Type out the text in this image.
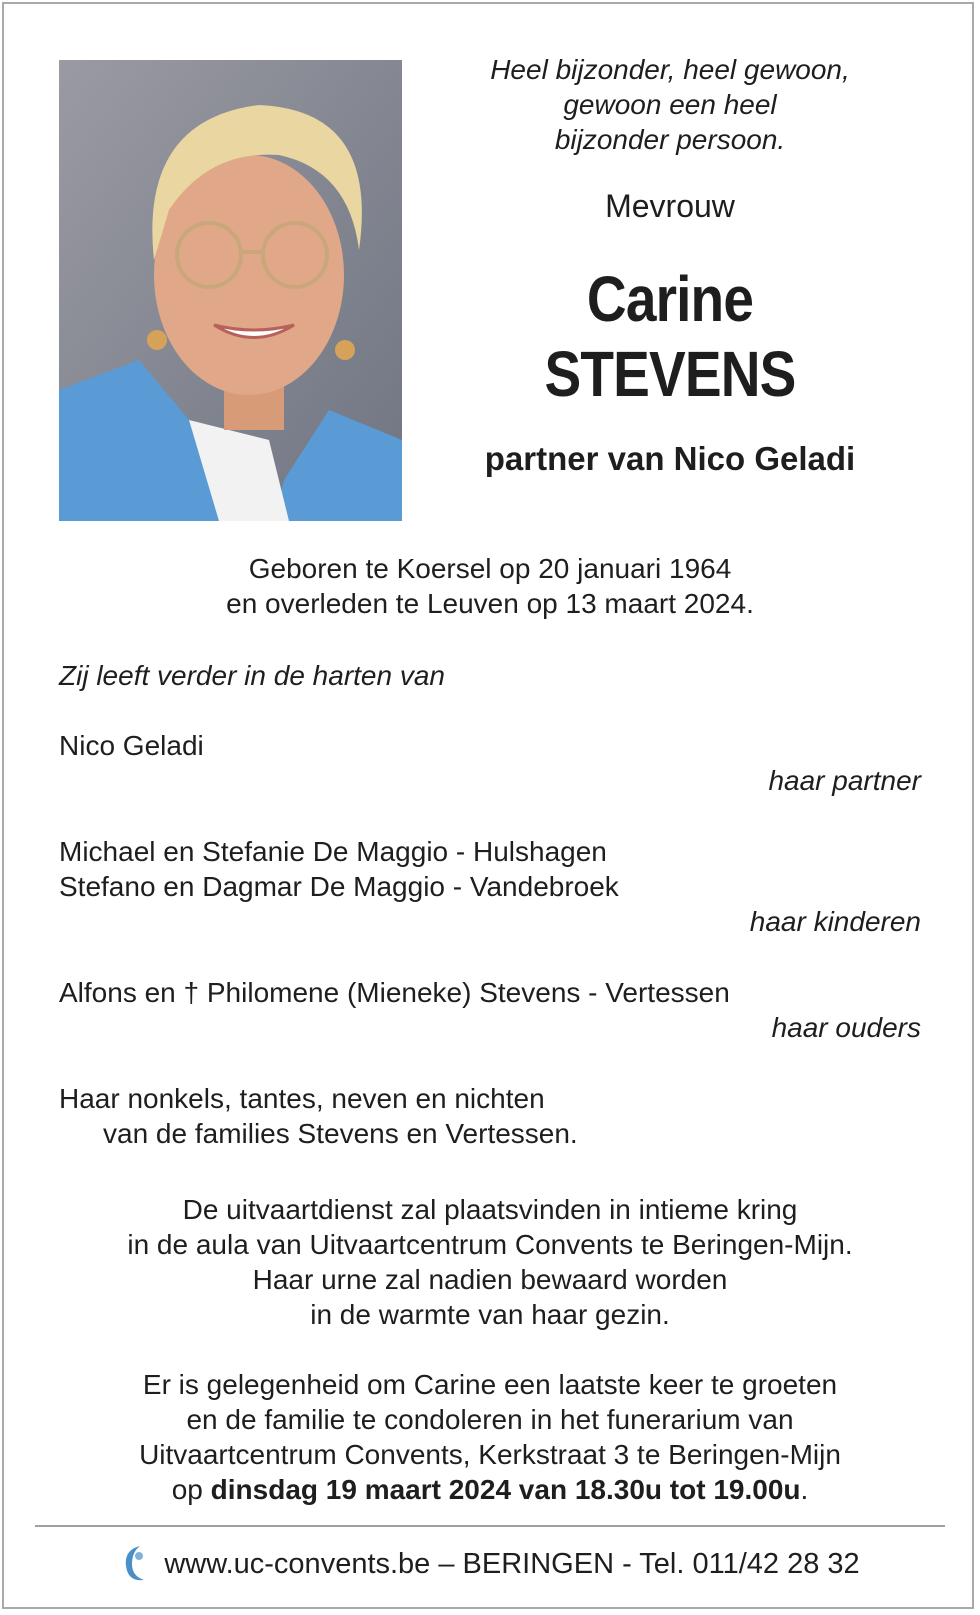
Heel bijzonder, heel gewoon,
gewoon een heel
bijzonder persoon.
Mevrouw
Carine
STEVENS
partner van Nico Geladi
Geboren te Koersel op 20 januari 1964
en overleden te Leuven op 13 maart 2024.
Zij leeft verder in de harten van
Nico Geladi
haar partner
Michael en Stefanie De Maggio - Hulshagen
Stefano en Dagmar De Maggio - Vandebroek
haar kinderen
Alfons en † Philomene (Mieneke) Stevens - Vertessen
haar ouders
Haar nonkels, tantes, neven en nichten
van de families Stevens en Vertessen.
De uitvaartdienst zal plaatsvinden in intieme kring
in de aula van Uitvaartcentrum Convents te Beringen-Mijn.
Haar urne zal nadien bewaard worden
in de warmte van haar gezin.
Er is gelegenheid om Carine een laatste keer te groeten
en de familie te condoleren in het funerarium van
Uitvaartcentrum Convents, Kerkstraat 3 te Beringen-Mijn
op dinsdag 19 maart 2024 van 18.30u tot 19.00u.
www.uc-convents.be – BERINGEN - Tel. 011/42 28 32
